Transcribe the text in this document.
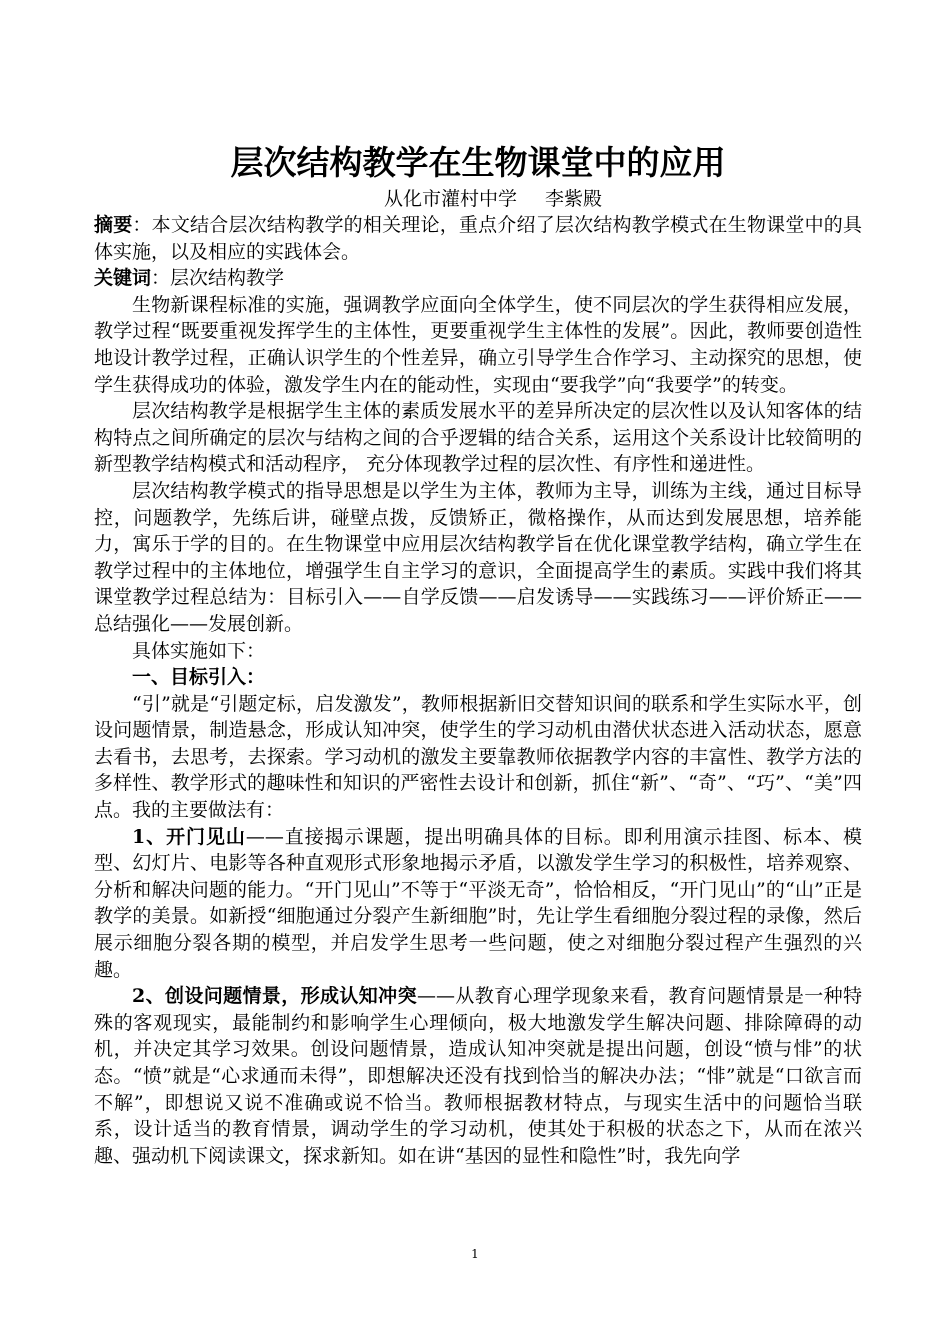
层次结构教学在生物课堂中的应用
从化市灌村中学 李紫殿

摘要：本文结合层次结构教学的相关理论，重点介绍了层次结构教学模式在生物课堂中的具体实施，以及相应的实践体会。

关键词：层次结构教学

生物新课程标准的实施，强调教学应面向全体学生，使不同层次的学生获得相应发展，教学过程“既要重视发挥学生的主体性，更要重视学生主体性的发展”。因此，教师要创造性地设计教学过程，正确认识学生的个性差异，确立引导学生合作学习、主动探究的思想，使学生获得成功的体验，激发学生内在的能动性，实现由“要我学”向“我要学”的转变。

层次结构教学是根据学生主体的素质发展水平的差异所决定的层次性以及认知客体的结构特点之间所确定的层次与结构之间的合乎逻辑的结合关系，运用这个关系设计比较简明的新型教学结构模式和活动程序， 充分体现教学过程的层次性、有序性和递进性。

层次结构教学模式的指导思想是以学生为主体，教师为主导，训练为主线，通过目标导控，问题教学，先练后讲，碰壁点拨，反馈矫正，微格操作，从而达到发展思想，培养能力，寓乐于学的目的。在生物课堂中应用层次结构教学旨在优化课堂教学结构，确立学生在教学过程中的主体地位，增强学生自主学习的意识，全面提高学生的素质。实践中我们将其课堂教学过程总结为：目标引入——自学反馈——启发诱导——实践练习——评价矫正——总结强化——发展创新。

具体实施如下：

一、目标引入：

“引”就是“引题定标，启发激发”，教师根据新旧交替知识间的联系和学生实际水平，创设问题情景，制造悬念，形成认知冲突，使学生的学习动机由潜伏状态进入活动状态，愿意去看书，去思考，去探索。学习动机的激发主要靠教师依据教学内容的丰富性、教学方法的多样性、教学形式的趣味性和知识的严密性去设计和创新，抓住“新”、“奇”、“巧”、“美”四点。我的主要做法有：

1、开门见山——直接揭示课题，提出明确具体的目标。即利用演示挂图、标本、模型、幻灯片、电影等各种直观形式形象地揭示矛盾，以激发学生学习的积极性，培养观察、分析和解决问题的能力。“开门见山”不等于“平淡无奇”，恰恰相反，“开门见山”的“山”正是教学的美景。如新授“细胞通过分裂产生新细胞”时，先让学生看细胞分裂过程的录像，然后展示细胞分裂各期的模型，并启发学生思考一些问题，使之对细胞分裂过程产生强烈的兴趣。

2、创设问题情景，形成认知冲突——从教育心理学现象来看，教育问题情景是一种特殊的客观现实，最能制约和影响学生心理倾向，极大地激发学生解决问题、排除障碍的动机，并决定其学习效果。创设问题情景，造成认知冲突就是提出问题，创设“愤与悱”的状态。“愤”就是“心求通而未得”，即想解决还没有找到恰当的解决办法；“悱”就是“口欲言而不解”，即想说又说不准确或说不恰当。教师根据教材特点，与现实生活中的问题恰当联系，设计适当的教育情景，调动学生的学习动机，使其处于积极的状态之下，从而在浓兴趣、强动机下阅读课文，探求新知。如在讲“基因的显性和隐性”时，我先向学

1
